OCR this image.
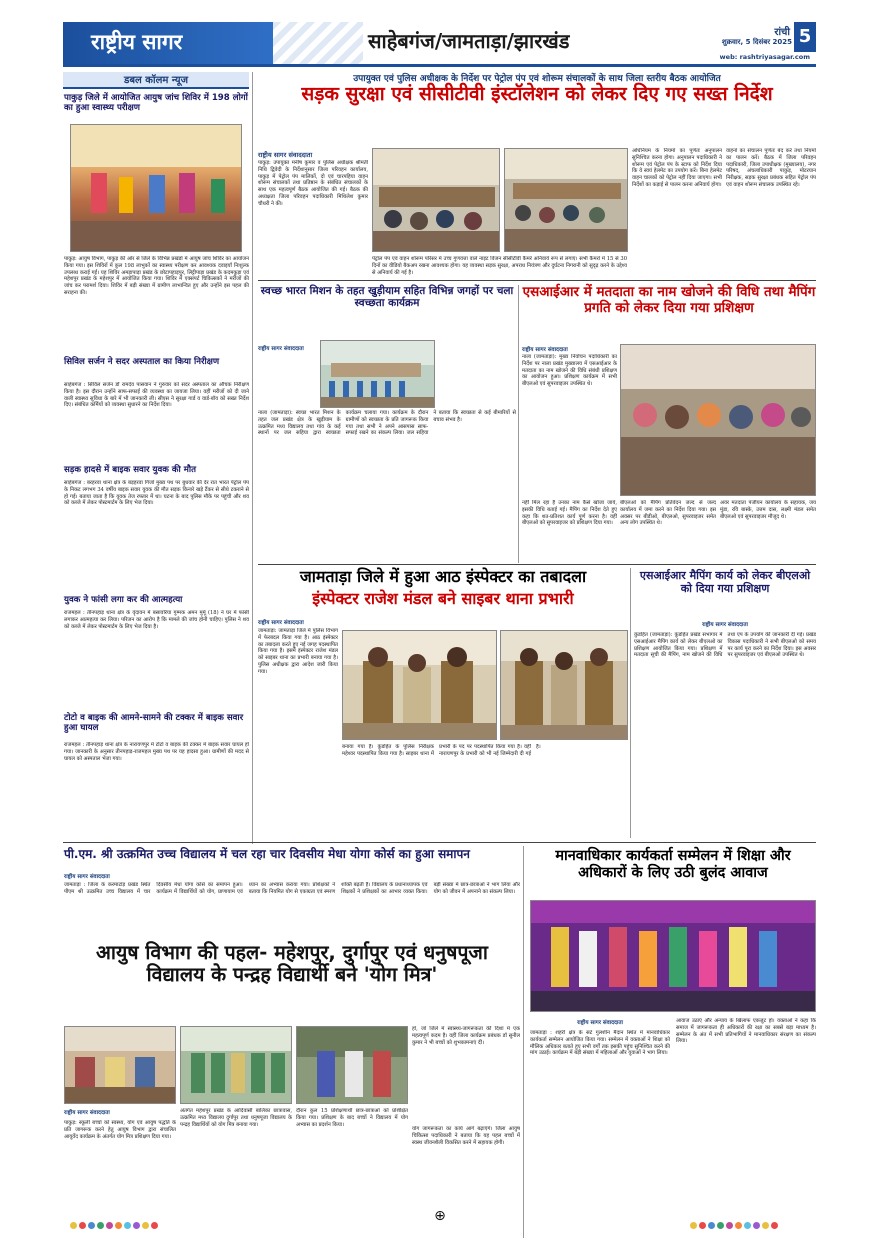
राष्ट्रीय सागर	साहेबगंज/जामताड़ा/झारखंड	रांची
शुक्रवार, 5 दिसंबर 2025 5
web: rashtriyasagar.com
डबल कॉलम न्यूज
पाकुड़ जिले में आयोजित आयुष जांच शिविर में 198 लोगों का हुआ स्वास्थ्य परीक्षण
पाकुड़: आयुष विभाग, पाकुड़ की ओर से जिले के विभिन्न प्रखंडों में आयुष जांच शिविर का आयोजन किया गया। इस शिविरों में कुल 198 लाभुकों का स्वास्थ्य परीक्षण कर आवश्यक दवाइयाँ निःशुल्क उपलब्ध कराई गईं। यह शिविर अमड़ापाड़ा प्रखंड के छोटापहाड़पुर, लिट्टीपाड़ा प्रखंड के कदमकुड़ा एवं महेशपुर प्रखंड के महेशपुर में आयोजित किया गया। शिविर में एक्सपर्ट चिकित्सकों ने मरीजों की जांच कर परामर्श दिया। शिविर में बड़ी संख्या में ग्रामीण लाभान्वित हुए और उन्होंने इस पहल की सराहना की।
सिविल सर्जन ने सदर अस्पताल का किया निरीक्षण
साहेबगंज : सिविल सर्जन डॉ रामदेव पासवान ने गुरुवार को सदर अस्पताल का औचक निरीक्षण किया है। इस दौरान उन्होंने साफ-सफाई की व्यवस्था का जायजा लिया। वहीं मरीजों को दी जाने वाली स्वास्थ्य सुविधा के बारे में भी जानकारी ली। सीएस ने सुरक्षा गार्ड व वार्ड-बॉय को सख्त निर्देश दिए। संबंधित कर्मियों को व्यवस्था सुधारने का निर्देश दिया।
सड़क हादसे में बाइक सवार युवक की मौत
साहेबगंज : बरहरवा थाना क्षेत्र के बड़हरवा गिर्जा मुख्य पथ पर बुधवार की देर रात भारत पेट्रोल पंप के निकट लगभग 34 वर्षीय बाइक सवार युवक की मौत सड़क किनारे खड़े टैंकर से सीधे टकराने से हो गई। बताया जाता है कि युवक तेज रफ्तार में था। घटना के बाद पुलिस मौके पर पहुंची और शव को कब्जे में लेकर पोस्टमार्टम के लिए भेज दिया।
युवक ने फांसी लगा कर की आत्महत्या
राजमहल : तीनपहाड़ थाना क्षेत्र के वृंदावन में बसावरिया गुम्मक अमन मुर्मू (18) ने घर में फांसी लगाकर आत्महत्या कर लिया। परिजन का आरोप है कि मामले की जांच होनी चाहिए। पुलिस ने शव को कब्जे में लेकर पोस्टमार्टम के लिए भेज दिया है।
टोटो व बाइक की आमने-सामने की टक्कर में बाइक सवार हुआ घायल
राजमहल : तीनपहाड़ थाना क्षेत्र के नारायणपुर में टोटो व बाइक की टक्कर में बाइक सवार घायल हो गया। जानकारी के अनुसार तीनपहाड़-राजमहल मुख्य पथ पर यह हादसा हुआ। ग्रामीणों की मदद से घायल को अस्पताल भेजा गया।
उपायुक्त एवं पुलिस अधीक्षक के निर्देश पर पेट्रोल पंप एवं शोरूम संचालकों के साथ जिला स्तरीय बैठक आयोजित
सड़क सुरक्षा एवं सीसीटीवी इंस्टॉलेशन को लेकर दिए गए सख्त निर्देश
राष्ट्रीय सागर संवाददाता
पाकुड़: उपायुक्त मनीष कुमार व पुलिस अधीक्षक श्रीमती निधि द्विवेदी के निर्देशानुसार जिला परिवहन कार्यालय, पाकुड़ में पेट्रोल पंप मालिकों, दो एवं चारपहिया वाहन शोरूम संचालकों तथा प्रतिष्ठान के संबंधित संचालकों के साथ एक महत्वपूर्ण बैठक आयोजित की गई। बैठक की अध्यक्षता जिला परिवहन पदाधिकारी मिथिलेश कुमार चौधरी ने की।
पेट्रोल पंप एवं वाहन शोरूम परिसर में उच्च गुणवत्ता वाले नाइट विजन सीसीटीवी कैमरे अनिवार्य रूप से लगाएं। सभी कैमरों में 15 से 30 दिनों का वीडियो बैकअप रखना आवश्यक होगा। यह व्यवस्था सड़क सुरक्षा, अपराध नियंत्रण और दुर्घटना निगरानी को सुदृढ़ करने के उद्देश्य से अनिवार्य की गई है।
अधिनियम के नियमों का पूर्णतः अनुपालन सुनिश्चित करना होगा। अनुपालन पदाधिकारी ने शोरूम एवं पेट्रोल पंप के स्टाफ को निर्देश दिया कि वे स्वयं हेलमेट का उपयोग करें। बिना हेलमेट वाहन चालकों को पेट्रोल नहीं दिया जाएगा। सभी निर्देशों का कड़ाई से पालन करना अनिवार्य होगा।
वाहनों का संचालन पूर्णतः बंद करें तथा नियमों का पालन करें। बैठक में जिला परिवहन पदाधिकारी, जिला उपाधीक्षक (मुख्यालय), नगर परिषद, अंचलाधिकारी पाकुड़, मोटरयान निरीक्षक, सड़क सुरक्षा प्रबंधक सहित पेट्रोल पंप एवं वाहन शोरूम संचालक उपस्थित रहे।
स्वच्छ भारत मिशन के तहत खुड़ीयाम सहित विभिन्न जगहों पर चला स्वच्छता कार्यक्रम
राष्ट्रीय सागर संवाददाता
नाला (जामताड़ा): स्वच्छ भारत मिशन के तहत जल प्रखंड क्षेत्र के खुड़ीयाम के उत्क्रमित मध्य विद्यालय तथा गांव के कई स्थानों पर जल सहिया द्वारा स्वच्छता कार्यक्रम चलाया गया। कार्यक्रम के दौरान ग्रामीणों को स्वच्छता के प्रति जागरूक किया गया तथा सभी ने अपने आसपास साफ-सफाई रखने का संकल्प लिया। जल सहिया ने बताया कि स्वच्छता से कई बीमारियों से बचाव संभव है।
एसआईआर में मतदाता का नाम खोजने की विधि तथा मैपिंग प्रगति को लेकर दिया गया प्रशिक्षण
राष्ट्रीय सागर संवाददाता
नाला (जामताड़ा): मुख्य निर्वाचन पदाधिकारी का निर्देश पर नाला प्रखंड मुख्यालय में एसआईआर के मतदाता का नाम खोजने की विधि संबंधी प्रशिक्षण का आयोजन हुआ। प्रशिक्षण कार्यक्रम में सभी बीएलओ एवं सुपरवाइजर उपस्थित थे।
नहीं मिल रहा है उनका नाम कैसे खोजा जाये, इसकी विधि बताई गई। मैपिंग का निर्देश देते हुए कहा कि शत-प्रतिशत कार्य पूर्ण करना है। वहीं बीएलओ को सुपरवाइजर को प्रशिक्षण दिया गया।
बीएलओ को मैपिंग प्रतिवेदन जल्द से जल्द कार्यालय में जमा करने का निर्देश दिया गया। इस अवसर पर बीडीओ, बीएलओ, सुपरवाइजर समेत अन्य लोग उपस्थित थे।
अवर मतदाता पंजीयन कार्यालय के सहायक, जय मुंडा, रवि बास्के, उत्तम दास, लक्ष्मी मंडल समेत बीएलओ एवं सुपरवाइजर मौजूद थे।
जामताड़ा जिले में हुआ आठ इंस्पेक्टर का तबादला
इंस्पेक्टर राजेश मंडल बने साइबर थाना प्रभारी
राष्ट्रीय सागर संवाददाता
जामताड़ा: जामताड़ा जिले में पुलिस विभाग में फेरबदल किया गया है। आठ इंस्पेक्टर का तबादला करते हुए नई जगह पदस्थापित किया गया है। इसमें इंस्पेक्टर राजेश मंडल को साइबर थाना का प्रभारी बनाया गया है। पुलिस अधीक्षक द्वारा आदेश जारी किया गया।
बनाया गया है। कुंडहित के पुलिस निरीक्षक महेश्वर पदस्थापित किया गया है। साइबर थाना में प्रभारी के पद पर पदस्थापित किया गया है। वहीं नारायणपुर के प्रभारी को भी नई जिम्मेदारी दी गई है।
एसआईआर मैपिंग कार्य को लेकर बीएलओ को दिया गया प्रशिक्षण
राष्ट्रीय सागर संवाददाता
कुंडहित (जामताड़ा): कुंडहित प्रखंड सभागार में एसआईआर मैपिंग कार्य को लेकर बीएलओ का प्रशिक्षण आयोजित किया गया। प्रशिक्षण में मतदाता सूची की मैपिंग, नाम खोजने की विधि तथा एप के उपयोग की जानकारी दी गई। प्रखंड विकास पदाधिकारी ने सभी बीएलओ को समय पर कार्य पूरा करने का निर्देश दिया। इस अवसर पर सुपरवाइजर एवं बीएलओ उपस्थित थे।
पी.एम. श्री उत्क्रमित उच्च विद्यालय में चल रहा चार दिवसीय मेधा योगा कोर्स का हुआ समापन
राष्ट्रीय सागर संवाददाता
जामताड़ा : जिला के करमाटांड़ प्रखंड स्थित पीएम श्री उत्क्रमित उच्च विद्यालय में चार दिवसीय मेधा योगा कोर्स का समापन हुआ। कार्यक्रम में विद्यार्थियों को योग, प्राणायाम एवं ध्यान का अभ्यास कराया गया। प्रशिक्षकों ने बताया कि नियमित योग से एकाग्रता एवं स्मरण शक्ति बढ़ती है। विद्यालय के प्रधानाध्यापक एवं शिक्षकों ने प्रशिक्षकों का आभार व्यक्त किया। बड़ी संख्या में छात्र-छात्राओं ने भाग लिया और योग को जीवन में अपनाने का संकल्प लिया।
मानवाधिकार कार्यकर्ता सम्मेलन में शिक्षा और अधिकारों के लिए उठी बुलंद आवाज
राष्ट्रीय सागर संवाददाता
जामताड़ा : शहरी क्षेत्र के सटे गुलशीन मैदान स्थित में मानवाधिकार कार्यकर्ता सम्मेलन आयोजित किया गया। सम्मेलन में वक्ताओं ने शिक्षा को मौलिक अधिकार बताते हुए सभी वर्गों तक इसकी पहुंच सुनिश्चित करने की मांग उठाई। कार्यक्रम में बड़ी संख्या में महिलाओं और युवाओं ने भाग लिया।
आवाज उठाएं और अन्याय के खिलाफ एकजुट हों। वक्ताओं ने कहा कि समाज में जागरूकता ही अधिकारों की रक्षा का सबसे बड़ा माध्यम है। सम्मेलन के अंत में सभी प्रतिभागियों ने मानवाधिकार संरक्षण का संकल्प लिया।
आयुष विभाग की पहल- महेशपुर, दुर्गापुर एवं धनुषपूजा विद्यालय के पन्द्रह विद्यार्थी बने 'योग मित्र'
हो, जो जिले में स्वास्थ्य-जागरूकता की दिशा में एक महत्वपूर्ण कदम है। वहीं जिला कार्यक्रम प्रबंधक डॉ सुनील कुमार ने भी बच्चों को शुभकामनाएं दीं।
राष्ट्रीय सागर संवाददाता
पाकुड़: स्कूली बच्चों को स्वस्थ्य, योग एवं आयुष पद्धति के प्रति जागरूक करने हेतु आयुष विभाग द्वारा संचालित आयुर्वेद कार्यक्रम के अंतर्गत योग मित्र प्रशिक्षण दिया गया।
अंतर्गत महेशपुर प्रखंड के आदिवासी बालिका छात्रावास, उत्क्रमित मध्य विद्यालय दुर्गापुर तथा धनुषपूजा विद्यालय के पन्द्रह विद्यार्थियों को योग मित्र बनाया गया।
दौरान कुल 15 प्रशिक्षणार्थी छात्र-छात्राओं को प्रशिक्षित किया गया। प्रशिक्षण के बाद बच्चों ने विद्यालय में योग अभ्यास का प्रदर्शन किया।
योग जागरूकता का कार्य आगे बढ़ाएंगे। जिला आयुष चिकित्सा पदाधिकारी ने बताया कि यह पहल बच्चों में स्वस्थ जीवनशैली विकसित करने में सहायक होगी।
⊕
